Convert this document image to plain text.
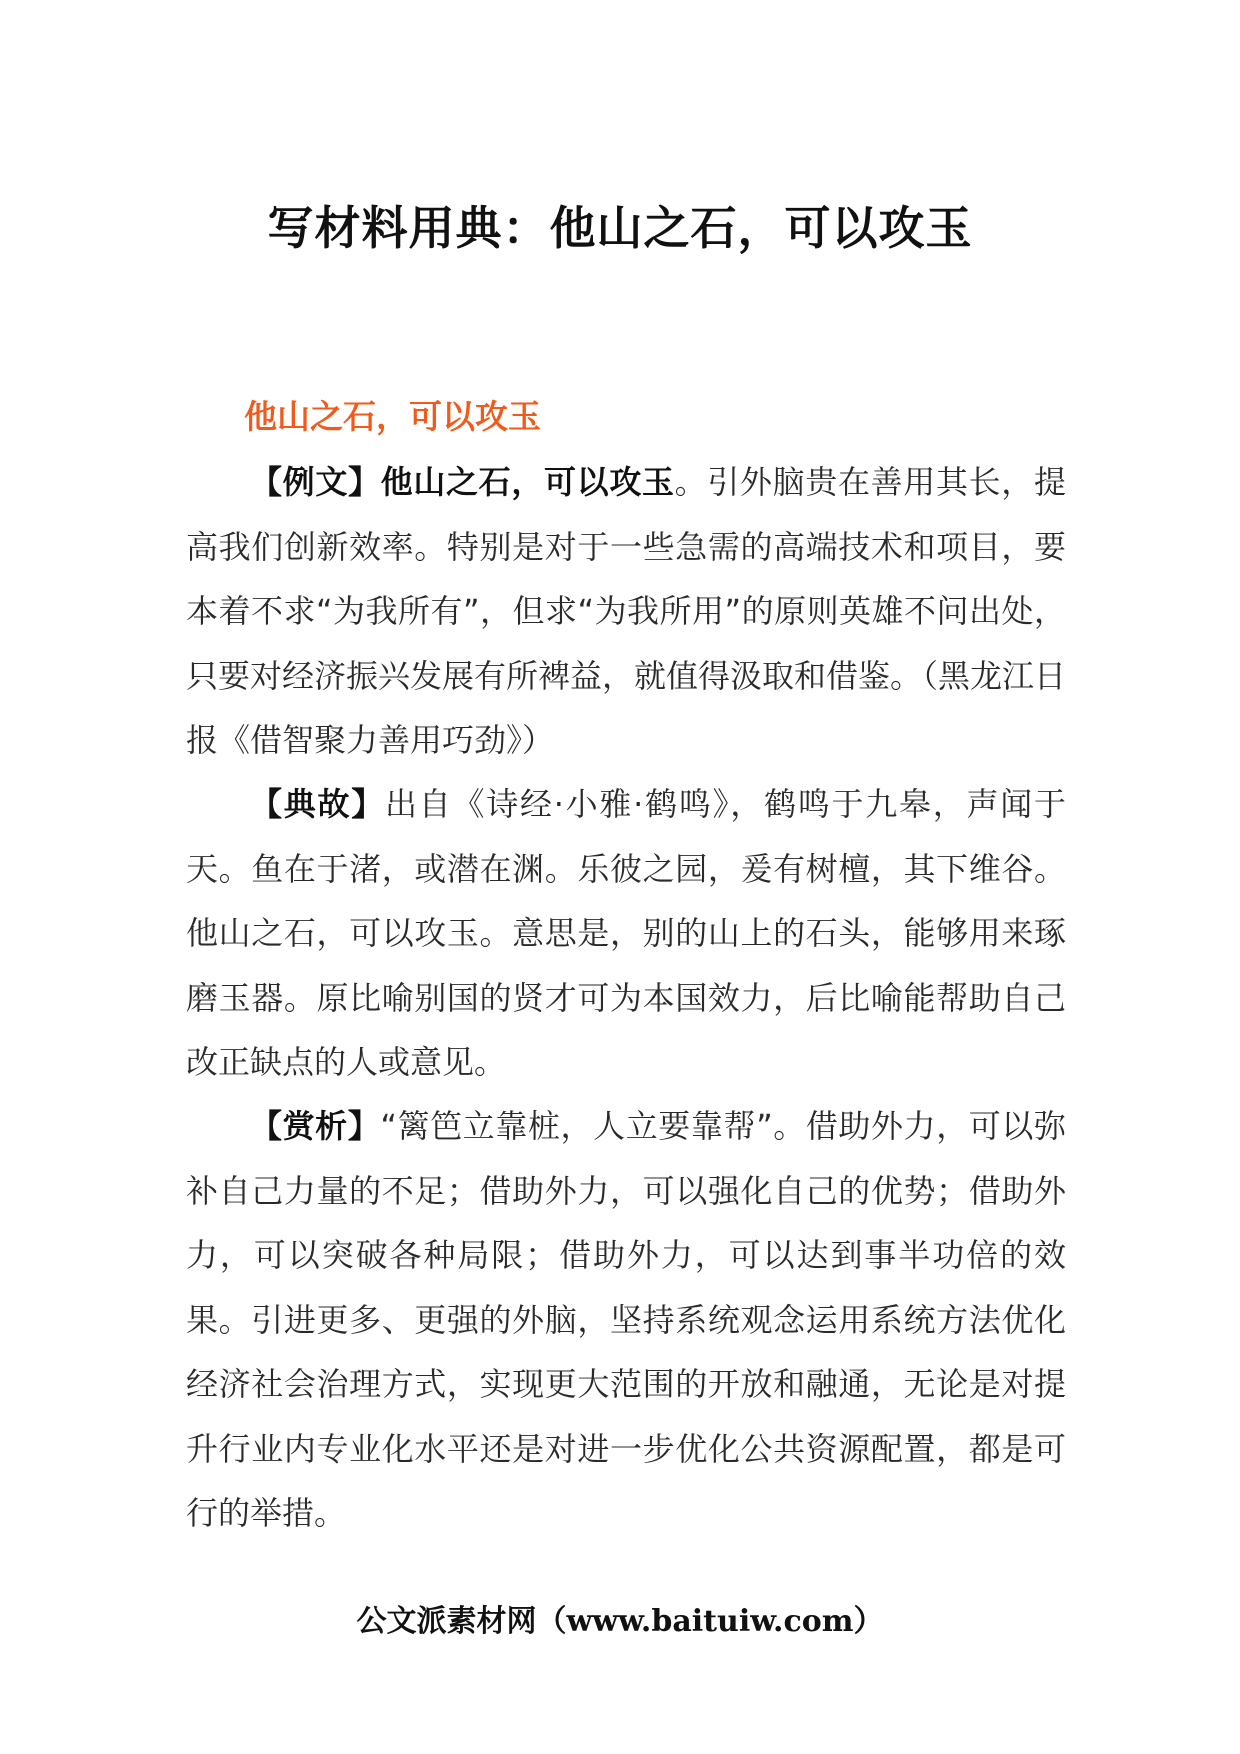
写材料用典：他山之石，可以攻玉
他山之石，可以攻玉

【例文】他山之石，可以攻玉。引外脑贵在善用其长，提高我们创新效率。特别是对于一些急需的高端技术和项目，要本着不求“为我所有”，但求“为我所用”的原则英雄不问出处，只要对经济振兴发展有所裨益，就值得汲取和借鉴。（黑龙江日报《借智聚力善用巧劲》）

【典故】出自《诗经·小雅·鹤鸣》，鹤鸣于九皋，声闻于天。鱼在于渚，或潜在渊。乐彼之园，爰有树檀，其下维谷。他山之石，可以攻玉。意思是，别的山上的石头，能够用来琢磨玉器。原比喻别国的贤才可为本国效力，后比喻能帮助自己改正缺点的人或意见。

【赏析】“篱笆立靠桩，人立要靠帮”。借助外力，可以弥补自己力量的不足；借助外力，可以强化自己的优势；借助外力，可以突破各种局限；借助外力，可以达到事半功倍的效果。引进更多、更强的外脑，坚持系统观念运用系统方法优化经济社会治理方式，实现更大范围的开放和融通，无论是对提升行业内专业化水平还是对进一步优化公共资源配置，都是可行的举措。

公文派素材网（www.baituiw.com）
